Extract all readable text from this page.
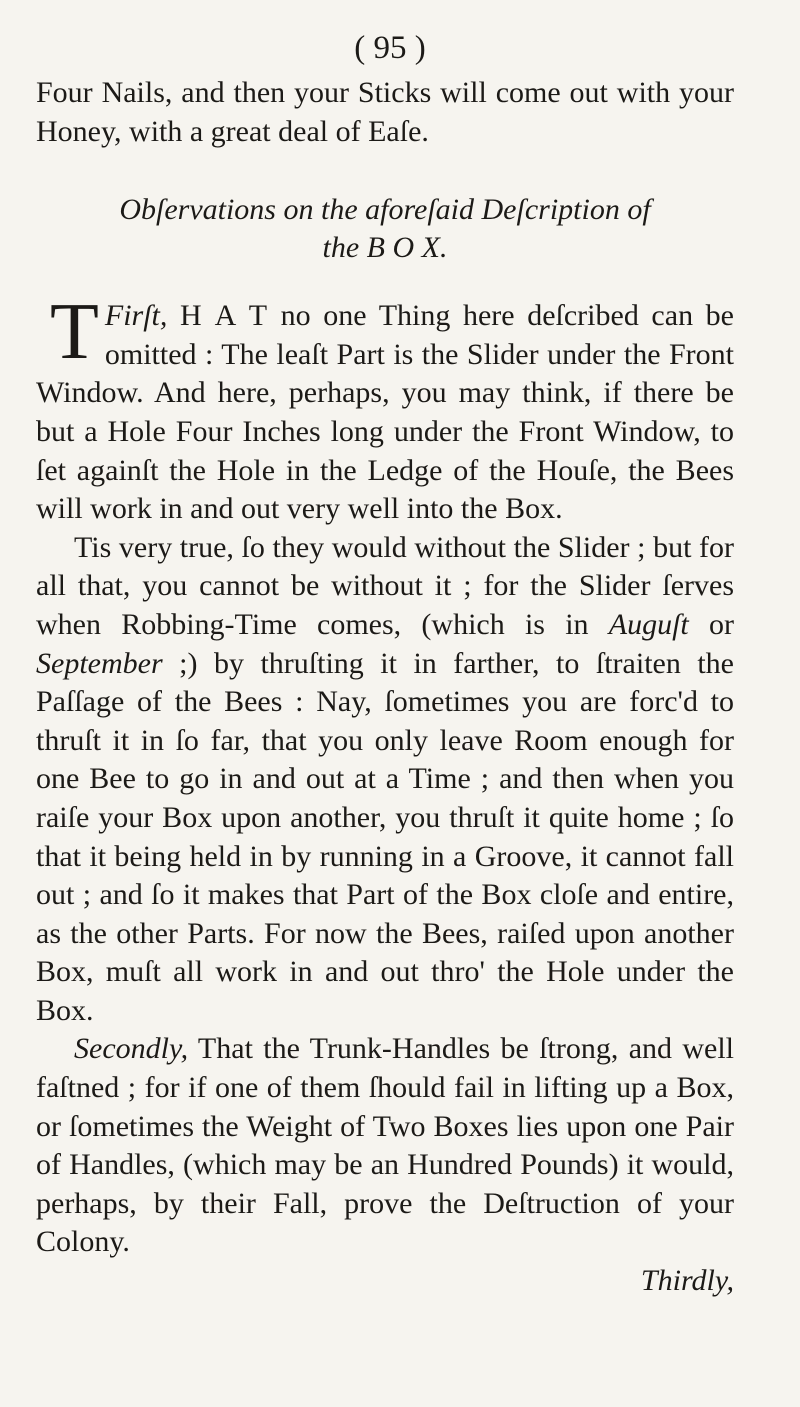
( 95 )

Four Nails, and then your Sticks will come out with your Honey, with a great deal of Eaſe.

Obſervations on the aforeſaid Deſcription of
the B O X.

Firſt,
T	H A T no one Thing here deſcribed can be omitted : The leaſt Part is the Slider under the Front Window. And here, perhaps, you may think, if there be but a Hole Four Inches long under the Front Window, to ſet againſt the Hole in the Ledge of the Houſe, the Bees will work in and out very well into the Box.

Tis very true, ſo they would without the Slider ; but for all that, you cannot be without it ; for the Slider ſerves when Robbing-Time comes, (which is in Auguſt or September ;) by thruſting it in farther, to ſtraiten the Paſſage of the Bees : Nay, ſometimes you are forc'd to thruſt it in ſo far, that you only leave Room enough for one Bee to go in and out at a Time ; and then when you raiſe your Box upon another, you thruſt it quite home ; ſo that it being held in by running in a Groove, it cannot fall out ; and ſo it makes that Part of the Box cloſe and entire, as the other Parts. For now the Bees, raiſed upon another Box, muſt all work in and out thro' the Hole under the Box.

Secondly, That the Trunk-Handles be ſtrong, and well faſtned ; for if one of them ſhould fail in lifting up a Box, or ſometimes the Weight of Two Boxes lies upon one Pair of Handles, (which may be an Hundred Pounds) it would, perhaps, by their Fall, prove the Deſtruction of your Colony.

Thirdly,
